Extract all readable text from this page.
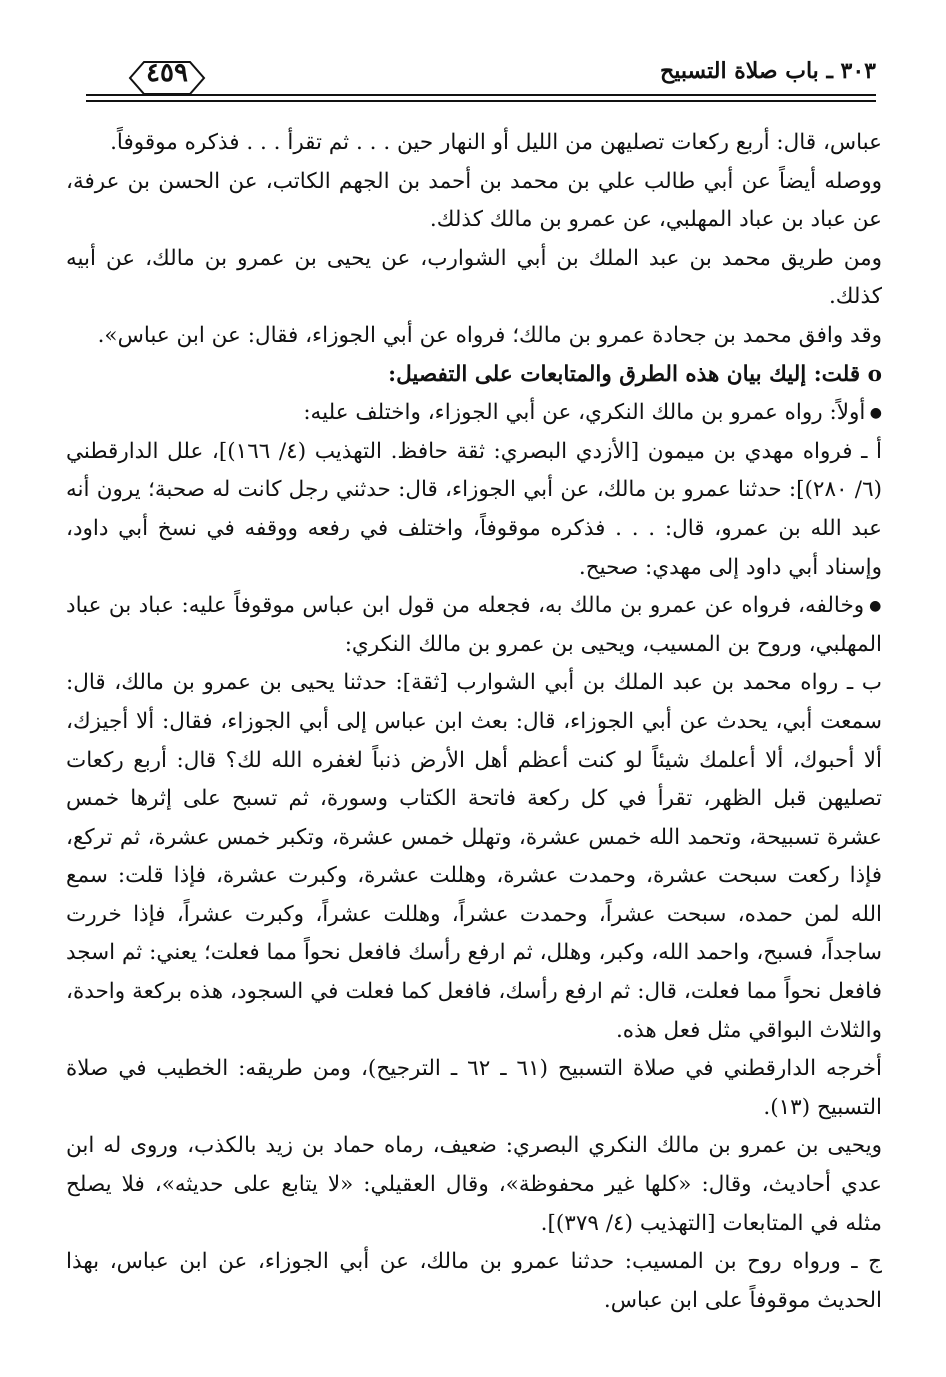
٣٠٣ ـ باب صلاة التسبيح
٤٥٩

عباس، قال: أربع ركعات تصليهن من الليل أو النهار حين . . . ثم تقرأ . . . فذكره موقوفاً.

ووصله أيضاً عن أبي طالب علي بن محمد بن أحمد بن الجهم الكاتب، عن الحسن بن عرفة، عن عباد بن عباد المهلبي، عن عمرو بن مالك كذلك.

ومن طريق محمد بن عبد الملك بن أبي الشوارب، عن يحيى بن عمرو بن مالك، عن أبيه كذلك.

وقد وافق محمد بن جحادة عمرو بن مالك؛ فرواه عن أبي الجوزاء، فقال: عن ابن عباس».

o قلت: إليك بيان هذه الطرق والمتابعات على التفصيل:

● أولاً: رواه عمرو بن مالك النكري، عن أبي الجوزاء، واختلف عليه:

أ ـ فرواه مهدي بن ميمون [الأزدي البصري: ثقة حافظ. التهذيب (٤/ ١٦٦)]، علل الدارقطني (٦/ ٢٨٠)]: حدثنا عمرو بن مالك، عن أبي الجوزاء، قال: حدثني رجل كانت له صحبة؛ يرون أنه عبد الله بن عمرو، قال: . . . فذكره موقوفاً، واختلف في رفعه ووقفه في نسخ أبي داود، وإسناد أبي داود إلى مهدي: صحيح.

● وخالفه، فرواه عن عمرو بن مالك به، فجعله من قول ابن عباس موقوفاً عليه: عباد بن عباد المهلبي، وروح بن المسيب، ويحيى بن عمرو بن مالك النكري:

ب ـ رواه محمد بن عبد الملك بن أبي الشوارب [ثقة]: حدثنا يحيى بن عمرو بن مالك، قال: سمعت أبي، يحدث عن أبي الجوزاء، قال: بعث ابن عباس إلى أبي الجوزاء، فقال: ألا أجيزك، ألا أحبوك، ألا أعلمك شيئاً لو كنت أعظم أهل الأرض ذنباً لغفره الله لك؟ قال: أربع ركعات تصليهن قبل الظهر، تقرأ في كل ركعة فاتحة الكتاب وسورة، ثم تسبح على إثرها خمس عشرة تسبيحة، وتحمد الله خمس عشرة، وتهلل خمس عشرة، وتكبر خمس عشرة، ثم تركع، فإذا ركعت سبحت عشرة، وحمدت عشرة، وهللت عشرة، وكبرت عشرة، فإذا قلت: سمع الله لمن حمده، سبحت عشراً، وحمدت عشراً، وهللت عشراً، وكبرت عشراً، فإذا خررت ساجداً، فسبح، واحمد الله، وكبر، وهلل، ثم ارفع رأسك فافعل نحواً مما فعلت؛ يعني: ثم اسجد فافعل نحواً مما فعلت، قال: ثم ارفع رأسك، فافعل كما فعلت في السجود، هذه بركعة واحدة، والثلاث البواقي مثل فعل هذه.

أخرجه الدارقطني في صلاة التسبيح (٦١ ـ ٦٢ ـ الترجيح)، ومن طريقه: الخطيب في صلاة التسبيح (١٣).

ويحيى بن عمرو بن مالك النكري البصري: ضعيف، رماه حماد بن زيد بالكذب، وروى له ابن عدي أحاديث، وقال: «كلها غير محفوظة»، وقال العقيلي: «لا يتابع على حديثه»، فلا يصلح مثله في المتابعات [التهذيب (٤/ ٣٧٩)].

ج ـ ورواه روح بن المسيب: حدثنا عمرو بن مالك، عن أبي الجوزاء، عن ابن عباس، بهذا الحديث موقوفاً على ابن عباس.
